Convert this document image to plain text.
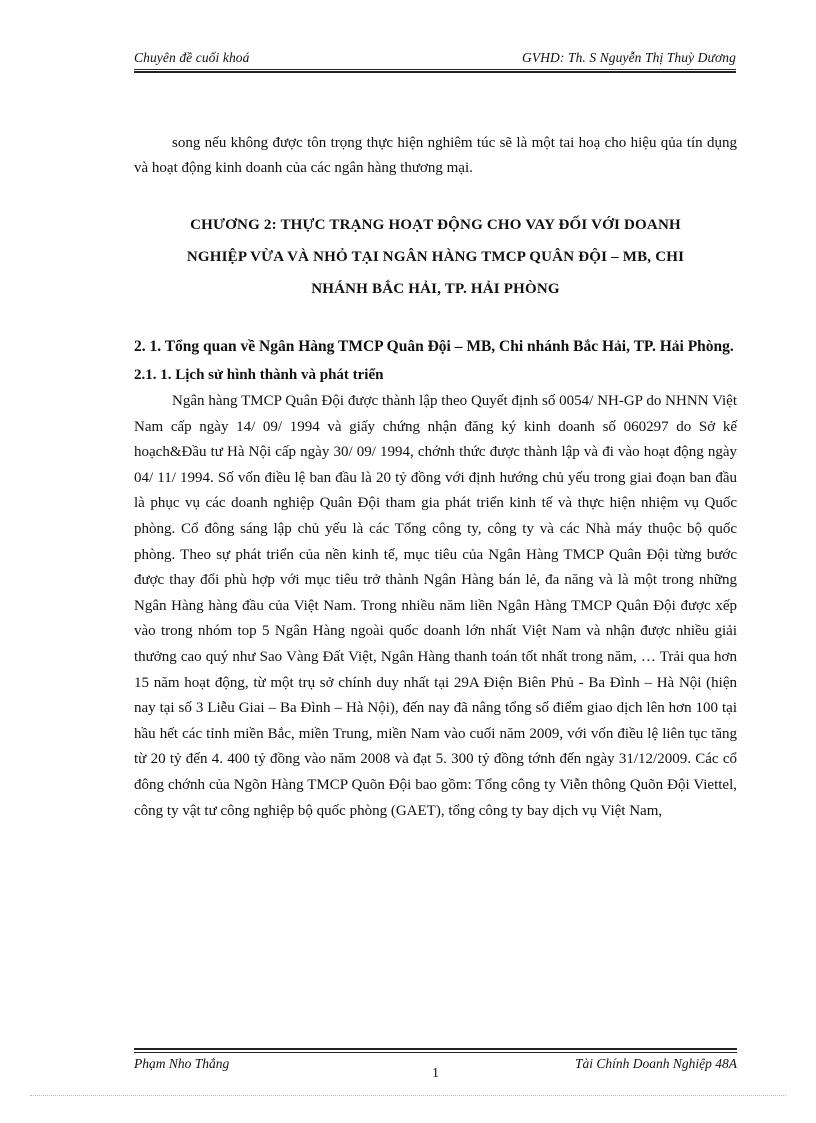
Chuyên đề cuối khoá	GVHD: Th. S Nguyễn Thị Thuỳ Dương

song nếu không được tôn trọng thực hiện nghiêm túc sẽ là một tai hoạ cho hiệu qủa tín dụng và hoạt động kinh doanh của các ngân hàng thương mại.

CHƯƠNG 2: THỰC TRẠNG HOẠT ĐỘNG CHO VAY ĐỐI VỚI DOANH
NGHIỆP VỪA VÀ NHỎ TẠI NGÂN HÀNG TMCP QUÂN ĐỘI – MB, CHI
NHÁNH BẮC HẢI, TP. HẢI PHÒNG

2. 1. Tổng quan về Ngân Hàng TMCP Quân Đội – MB, Chi nhánh Bắc Hải, TP. Hải Phòng.

2.1. 1. Lịch sử hình thành và phát triển

Ngân hàng TMCP Quân Đội được thành lập theo Quyết định số 0054/ NH-GP do NHNN Việt Nam cấp ngày 14/ 09/ 1994 và giấy chứng nhận đăng ký kinh doanh số 060297 do Sở kế hoạch&Đầu tư Hà Nội cấp ngày 30/ 09/ 1994, chớnh thức được thành lập và đi vào hoạt động ngày 04/ 11/ 1994. Số vốn điều lệ ban đầu là 20 tỷ đồng với định hướng chủ yếu trong giai đoạn ban đầu là phục vụ các doanh nghiệp Quân Đội tham gia phát triển kinh tế và thực hiện nhiệm vụ Quốc phòng. Cổ đông sáng lập chủ yếu là các Tổng công ty, công ty và các Nhà máy thuộc bộ quốc phòng. Theo sự phát triển của nền kinh tế, mục tiêu của Ngân Hàng TMCP Quân Đội từng bước được thay đổi phù hợp với mục tiêu trở thành Ngân Hàng bán lẻ, đa năng và là một trong những Ngân Hàng hàng đầu của Việt Nam. Trong nhiều năm liền Ngân Hàng TMCP Quân Đội được xếp vào trong nhóm top 5 Ngân Hàng ngoài quốc doanh lớn nhất Việt Nam và nhận được nhiều giải thưởng cao quý như Sao Vàng Đất Việt, Ngân Hàng thanh toán tốt nhất trong năm, … Trải qua hơn 15 năm hoạt động, từ một trụ sở chính duy nhất tại 29A Điện Biên Phủ - Ba Đình – Hà Nội (hiện nay tại số 3 Liễu Giai – Ba Đình – Hà Nội), đến nay đã nâng tổng số điểm giao dịch lên hơn 100 tại hầu hết các tỉnh miền Bắc, miền Trung, miền Nam vào cuối năm 2009, với vốn điều lệ liên tục tăng từ 20 tỷ đến 4. 400 tỷ đồng vào năm 2008 và đạt 5. 300 tỷ đồng tớnh đến ngày 31/12/2009. Các cổ đông chớnh của Ngõn Hàng TMCP Quõn Đội bao gồm: Tổng công ty Viễn thông Quõn Đội Viettel, công ty vật tư công nghiệp bộ quốc phòng (GAET), tổng công ty bay dịch vụ Việt Nam,

Phạm Nho Thắng
1
Tài Chính Doanh Nghiệp 48A
